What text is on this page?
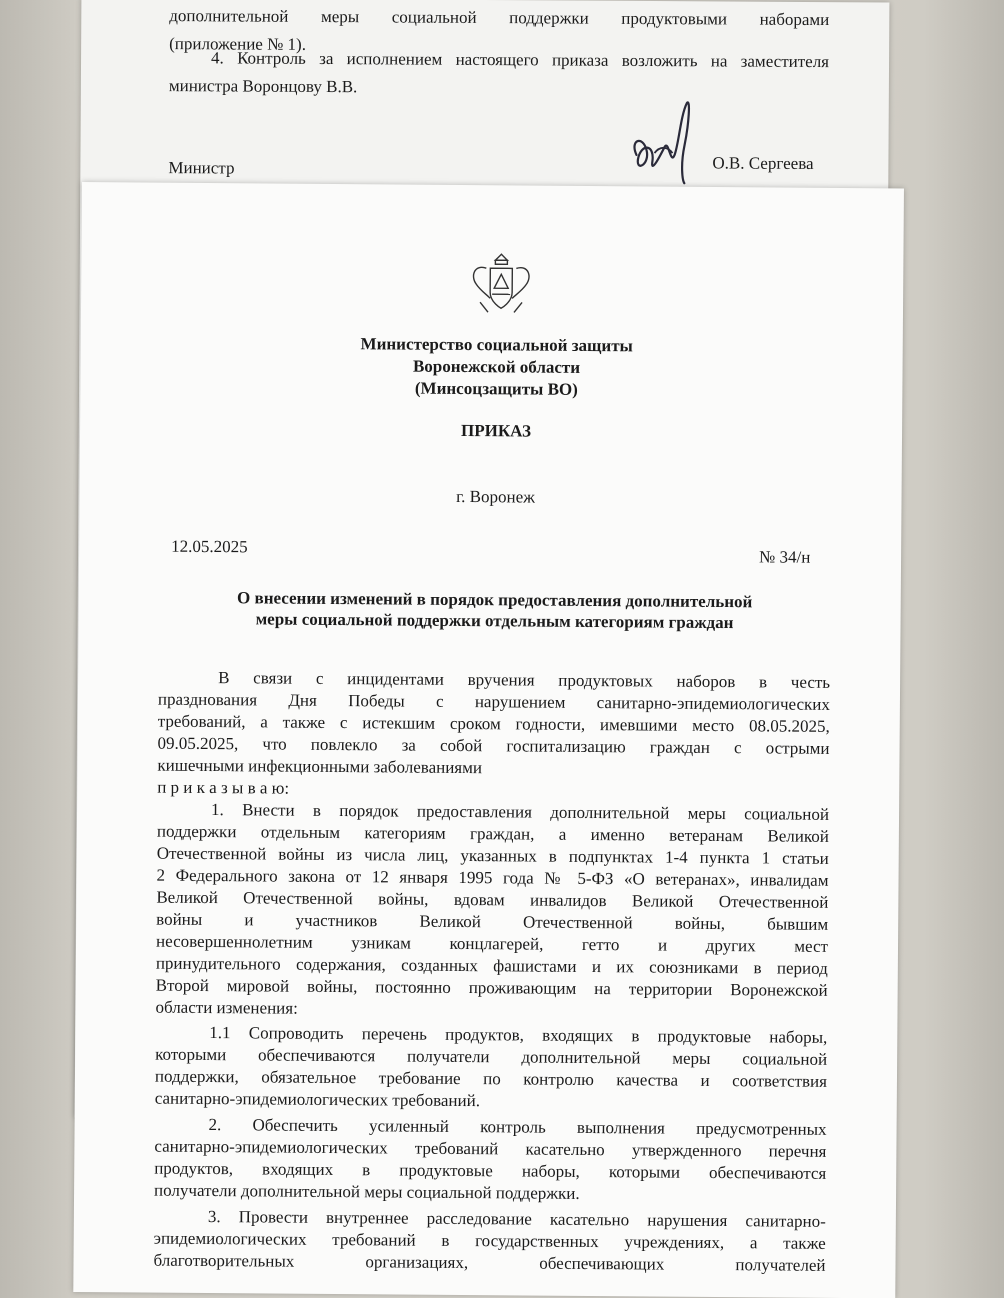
дополнительной меры социальной поддержки продуктовыми наборами
(приложение № 1).
4. Контроль за исполнением настоящего приказа возложить на заместителя
министра Воронцову В.В.
Министр	О.В. Сергеева
Министерство социальной защиты
Воронежской области
(Минсоцзащиты ВО)
ПРИКАЗ
г. Воронеж
12.05.2025
№ 34/н
О внесении изменений в порядок предоставления дополнительной
меры социальной поддержки отдельным категориям граждан
В связи с инцидентами вручения продуктовых наборов в честь
празднования Дня Победы с нарушением санитарно-эпидемиологических
требований, а также с истекшим сроком годности, имевшими место 08.05.2025,
09.05.2025, что повлекло за собой госпитализацию граждан с острыми
кишечными инфекционными заболеваниями
п р и к а з ы в а ю:
1. Внести в порядок предоставления дополнительной меры социальной
поддержки отдельным категориям граждан, а именно ветеранам Великой
Отечественной войны из числа лиц, указанных в подпунктах 1-4 пункта 1 статьи
2 Федерального закона от 12 января 1995 года № 5-ФЗ «О ветеранах», инвалидам
Великой Отечественной войны, вдовам инвалидов Великой Отечественной
войны и участников Великой Отечественной войны, бывшим
несовершеннолетним узникам концлагерей, гетто и других мест
принудительного содержания, созданных фашистами и их союзниками в период
Второй мировой войны, постоянно проживающим на территории Воронежской
области изменения:
1.1 Сопроводить перечень продуктов, входящих в продуктовые наборы,
которыми обеспечиваются получатели дополнительной меры социальной
поддержки, обязательное требование по контролю качества и соответствия
санитарно-эпидемиологических требований.
2. Обеспечить усиленный контроль выполнения предусмотренных
санитарно-эпидемиологических требований касательно утвержденного перечня
продуктов, входящих в продуктовые наборы, которыми обеспечиваются
получатели дополнительной меры социальной поддержки.
3. Провести внутреннее расследование касательно нарушения санитарно-
эпидемиологических требований в государственных учреждениях, а также
благотворительных организациях, обеспечивающих получателей
